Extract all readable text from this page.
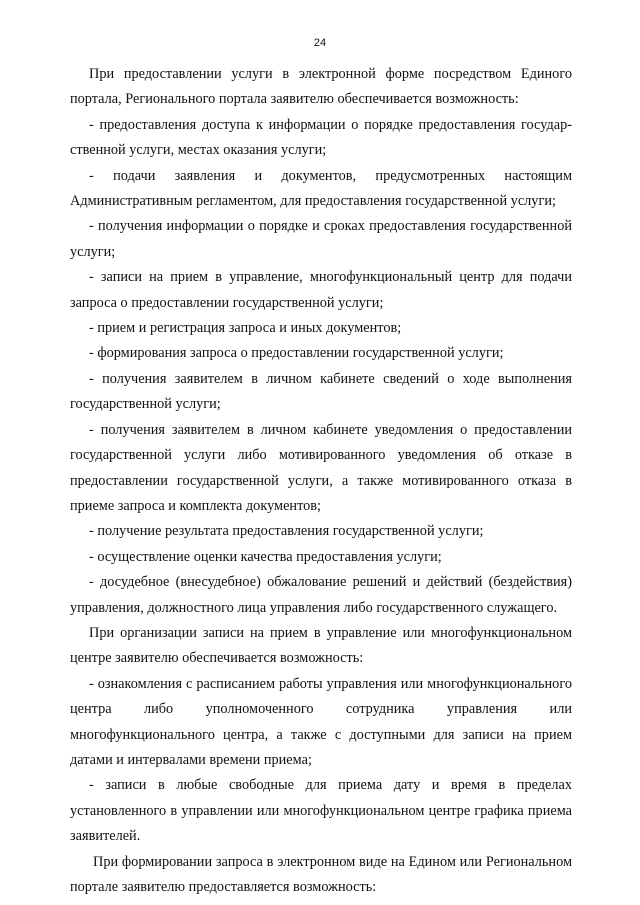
24

При предоставлении услуги в электронной форме посредством Единого портала, Регионального портала заявителю обеспечивается возможность:

- предоставления доступа к информации о порядке предоставления государственной услуги, местах оказания услуги;

- подачи заявления и документов, предусмотренных настоящим Административным регламентом, для предоставления государственной услуги;

- получения информации о порядке и сроках предоставления государственной услуги;

- записи на прием в управление, многофункциональный центр для подачи запроса о предоставлении государственной услуги;

- прием и регистрация запроса и иных документов;

- формирования запроса о предоставлении государственной услуги;

- получения заявителем в личном кабинете сведений о ходе выполнения государственной услуги;

- получения заявителем в личном кабинете уведомления о предоставлении государственной услуги либо мотивированного уведомления об отказе в предоставлении государственной услуги, а также мотивированного отказа в приеме запроса и комплекта документов;

- получение результата предоставления государственной услуги;

- осуществление оценки качества предоставления услуги;

- досудебное (внесудебное) обжалование решений и действий (бездействия) управления, должностного лица управления либо государственного служащего.

При организации записи на прием в управление или многофункциональном центре заявителю обеспечивается возможность:

- ознакомления с расписанием работы управления или многофункционального центра либо уполномоченного сотрудника управления или многофункционального центра, а также с доступными для записи на прием датами и интервалами времени приема;

- записи в любые свободные для приема дату и время в пределах установленного в управлении или многофункциональном центре графика приема заявителей.

При формировании запроса в электронном виде на Едином или Региональном портале заявителю предоставляется возможность:
